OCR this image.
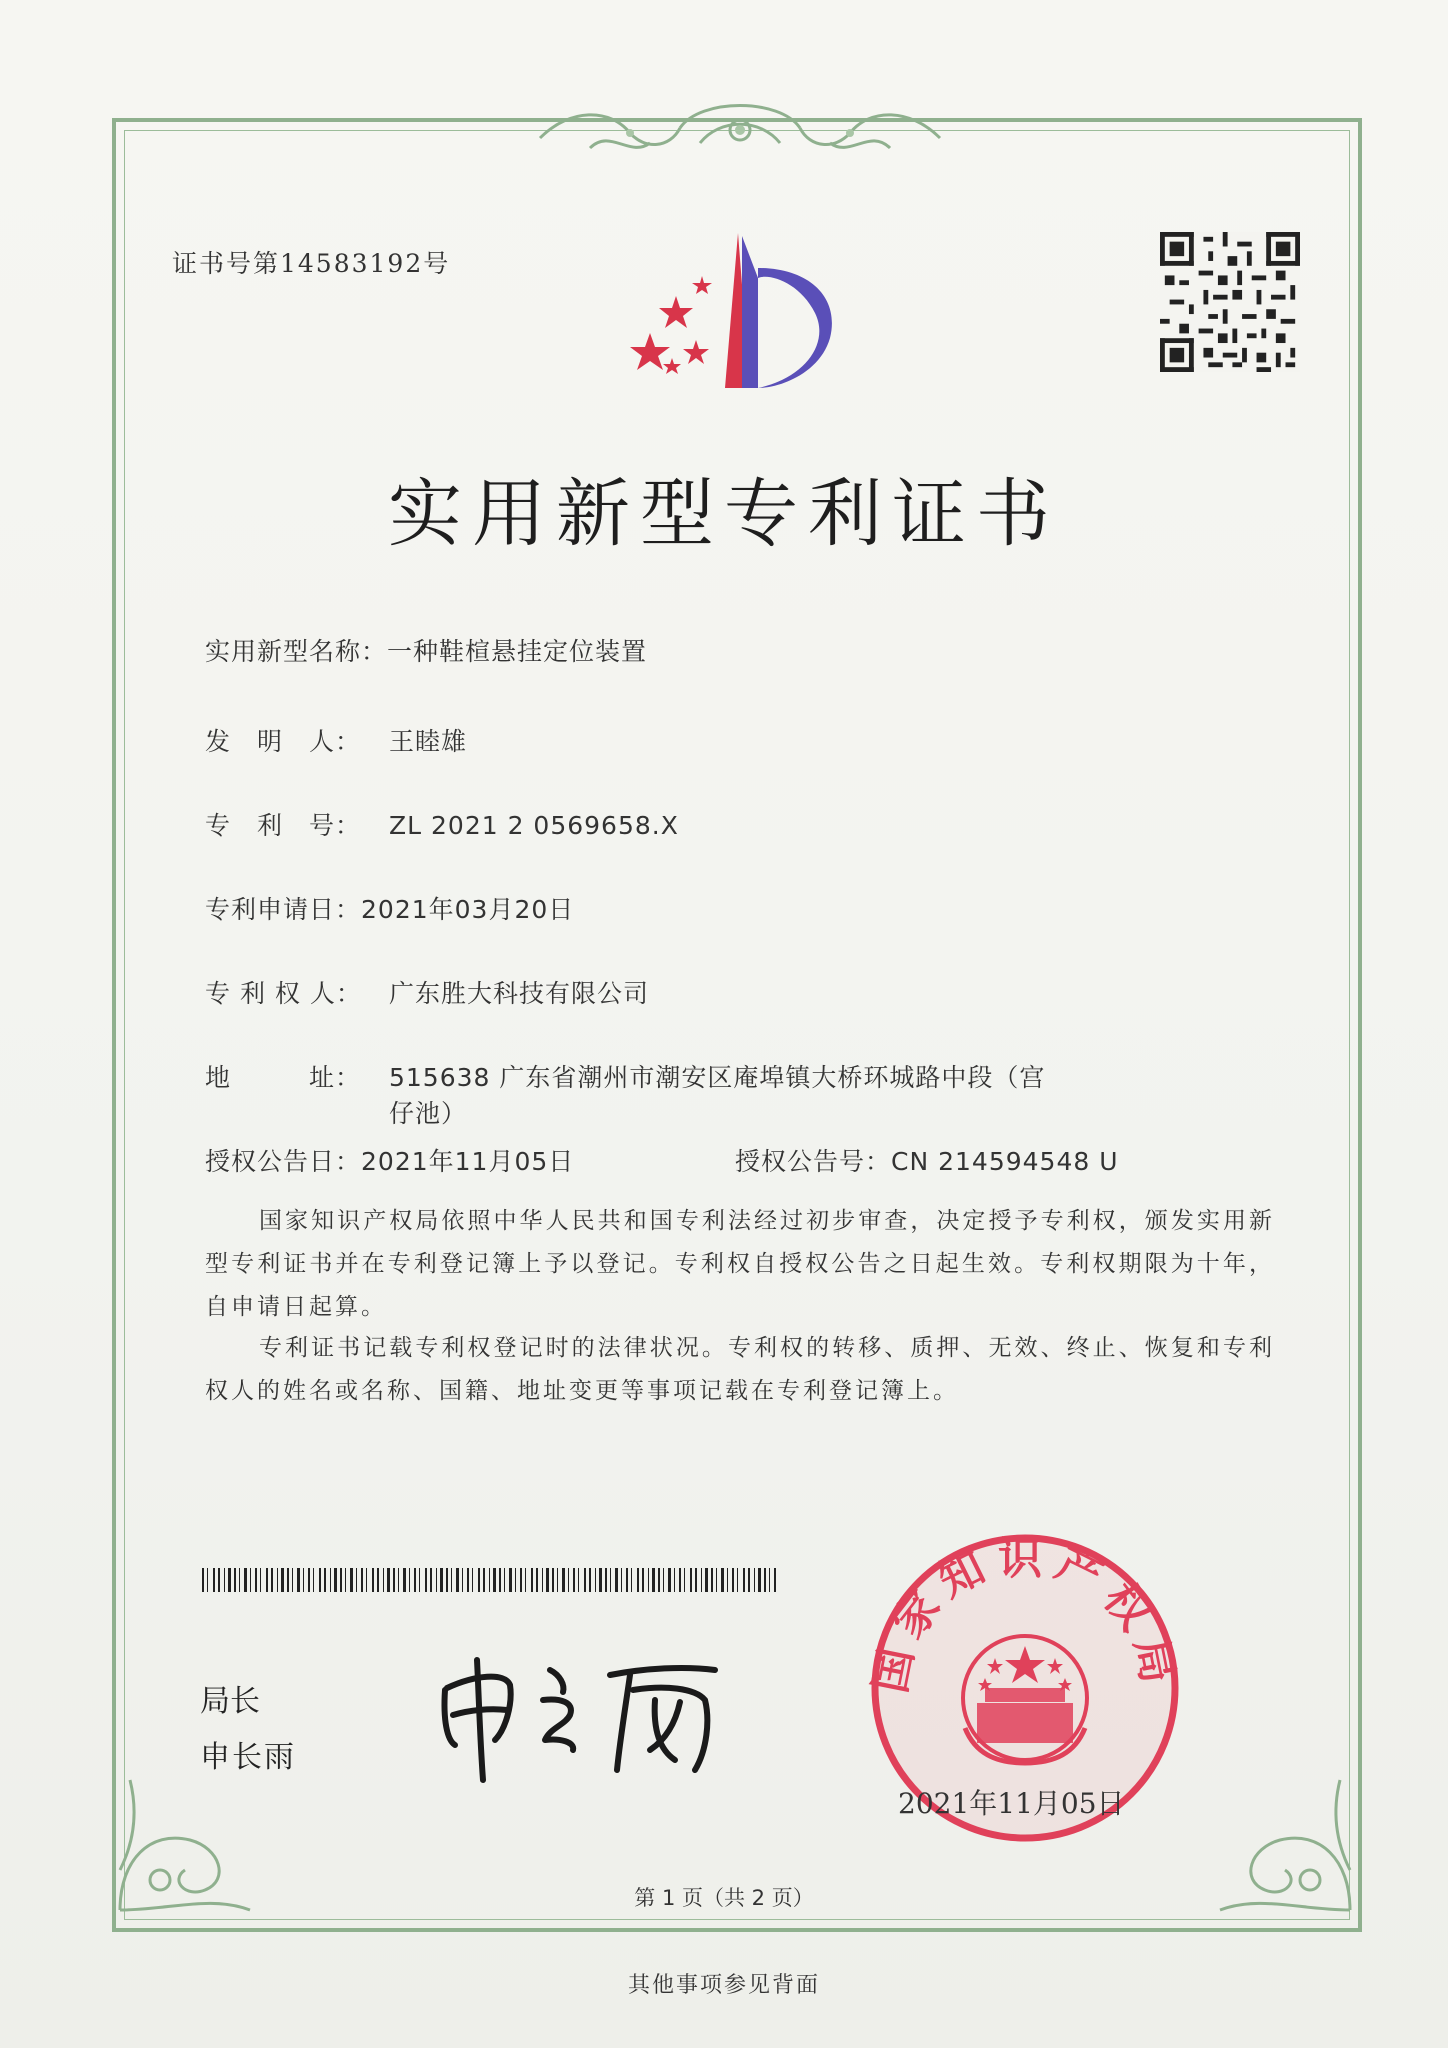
证书号第14583192号
实用新型专利证书
实用新型名称：一种鞋楦悬挂定位装置
发　明　人： 王睦雄
专　利　号： ZL 2021 2 0569658.X
专利申请日：2021年03月20日
专 利 权 人： 广东胜大科技有限公司
地　　　址： 515638 广东省潮州市潮安区庵埠镇大桥环城路中段（宫
仔池）
授权公告日：2021年11月05日	授权公告号：CN 214594548 U
国家知识产权局依照中华人民共和国专利法经过初步审查，决定授予专利权，颁发实用新型专利证书并在专利登记簿上予以登记。专利权自授权公告之日起生效。专利权期限为十年，自申请日起算。
专利证书记载专利权登记时的法律状况。专利权的转移、质押、无效、终止、恢复和专利权人的姓名或名称、国籍、地址变更等事项记载在专利登记簿上。
局长
申长雨
国家知识产权局
2021年11月05日
第 1 页（共 2 页）
其他事项参见背面
